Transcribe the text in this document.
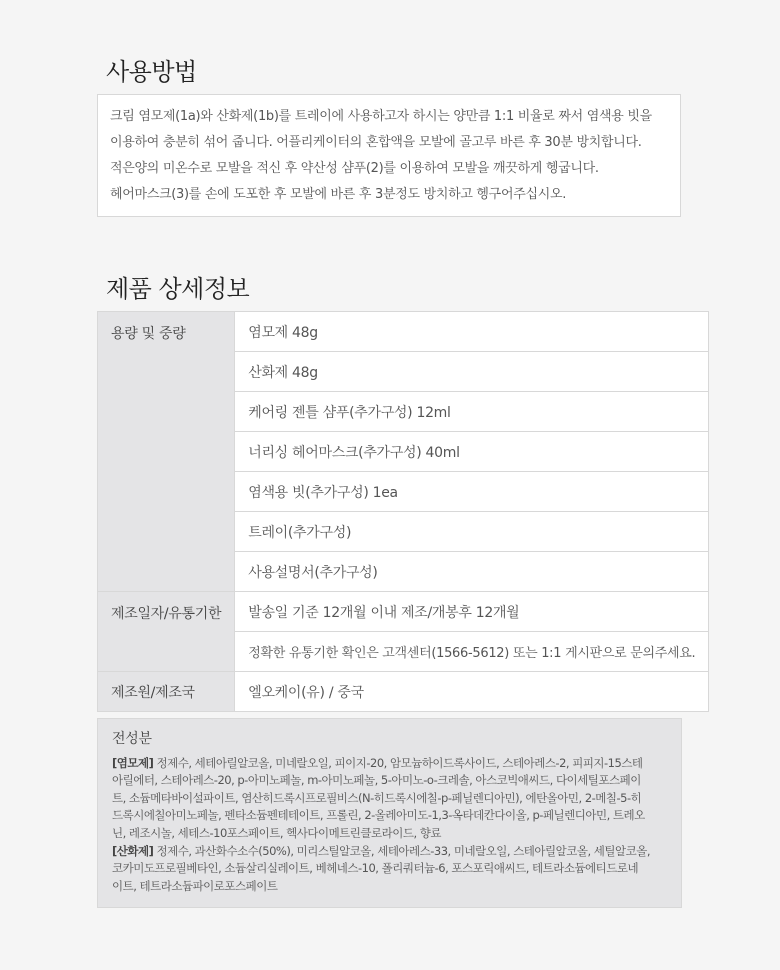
사용방법
크림 염모제(1a)와 산화제(1b)를 트레이에 사용하고자 하시는 양만큼 1:1 비율로 짜서 염색용 빗을
이용하여 충분히 섞어 줍니다. 어플리케이터의 혼합액을 모발에 골고루 바른 후 30분 방치합니다.
적은양의 미온수로 모발을 적신 후 약산성 샴푸(2)를 이용하여 모발을 깨끗하게 헹굽니다.
헤어마스크(3)를 손에 도포한 후 모발에 바른 후 3분정도 방치하고 헹구어주십시오.
제품 상세정보
용량 및 중량	염모제 48g
	산화제 48g
	케어링 젠틀 샴푸(추가구성) 12ml
	너리싱 헤어마스크(추가구성) 40ml
	염색용 빗(추가구성) 1ea
	트레이(추가구성)
	사용설명서(추가구성)
제조일자/유통기한	발송일 기준 12개월 이내 제조/개봉후 12개월
	정확한 유통기한 확인은 고객센터(1566-5612) 또는 1:1 게시판으로 문의주세요.
제조원/제조국	엘오케이(유) / 중국
전성분
[염모제] 정제수, 세테아릴알코올, 미네랄오일, 피이지-20, 암모늄하이드록사이드, 스테아레스-2, 피피지-15스테
아릴에터, 스테아레스-20, p-아미노페놀, m-아미노페놀, 5-아미노-o-크레솔, 아스코빅애씨드, 다이세틸포스페이
트, 소듐메타바이설파이트, 염산히드록시프로필비스(N-히드록시에칠-p-페닐렌디아민), 에탄올아민, 2-메칠-5-히
드록시에칠아미노페놀, 펜타소듐펜테테이트, 프롤린, 2-올레아미도-1,3-옥타데칸다이올, p-페닐렌디아민, 트레오
닌, 레조시놀, 세테스-10포스페이트, 헥사다이메트린클로라이드, 향료
[산화제] 정제수, 과산화수소수(50%), 미리스틸알코올, 세테아레스-33, 미네랄오일, 스테아릴알코올, 세틸알코올,
코카미도프로필베타인, 소듐살리실레이트, 베헤네스-10, 폴리쿼터늄-6, 포스포릭애씨드, 테트라소듐에티드로네
이트, 테트라소듐파이로포스페이트
